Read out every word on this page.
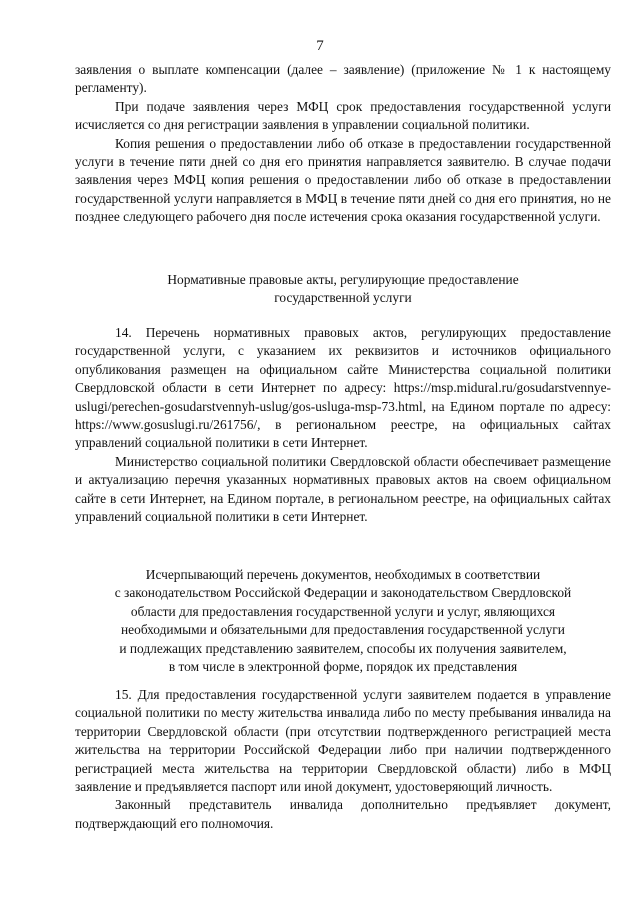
7

заявления о выплате компенсации (далее – заявление) (приложение № 1 к настоящему регламенту).

При подаче заявления через МФЦ срок предоставления государственной услуги исчисляется со дня регистрации заявления в управлении социальной политики.

Копия решения о предоставлении либо об отказе в предоставлении государственной услуги в течение пяти дней со дня его принятия направляется заявителю. В случае подачи заявления через МФЦ копия решения о предоставлении либо об отказе в предоставлении государственной услуги направляется в МФЦ в течение пяти дней со дня его принятия, но не позднее следующего рабочего дня после истечения срока оказания государственной услуги.

Нормативные правовые акты, регулирующие предоставление
государственной услуги

14. Перечень нормативных правовых актов, регулирующих предоставление государственной услуги, с указанием их реквизитов и источников официального опубликования размещен на официальном сайте Министерства социальной политики Свердловской области в сети Интернет по адресу: https://msp.midural.ru/gosudarstvennye-uslugi/perechen-gosudarstvennyh-uslug/gos-usluga-msp-73.html, на Едином портале по адресу: https://www.gosuslugi.ru/261756/, в региональном реестре, на официальных сайтах управлений социальной политики в сети Интернет.

Министерство социальной политики Свердловской области обеспечивает размещение и актуализацию перечня указанных нормативных правовых актов на своем официальном сайте в сети Интернет, на Едином портале, в региональном реестре, на официальных сайтах управлений социальной политики в сети Интернет.

Исчерпывающий перечень документов, необходимых в соответствии
с законодательством Российской Федерации и законодательством Свердловской
области для предоставления государственной услуги и услуг, являющихся
необходимыми и обязательными для предоставления государственной услуги
и подлежащих представлению заявителем, способы их получения заявителем,
в том числе в электронной форме, порядок их представления

15. Для предоставления государственной услуги заявителем подается в управление социальной политики по месту жительства инвалида либо по месту пребывания инвалида на территории Свердловской области (при отсутствии подтвержденного регистрацией места жительства на территории Российской Федерации либо при наличии подтвержденного регистрацией места жительства на территории Свердловской области) либо в МФЦ заявление и предъявляется паспорт или иной документ, удостоверяющий личность.

Законный представитель инвалида дополнительно предъявляет документ, подтверждающий его полномочия.
